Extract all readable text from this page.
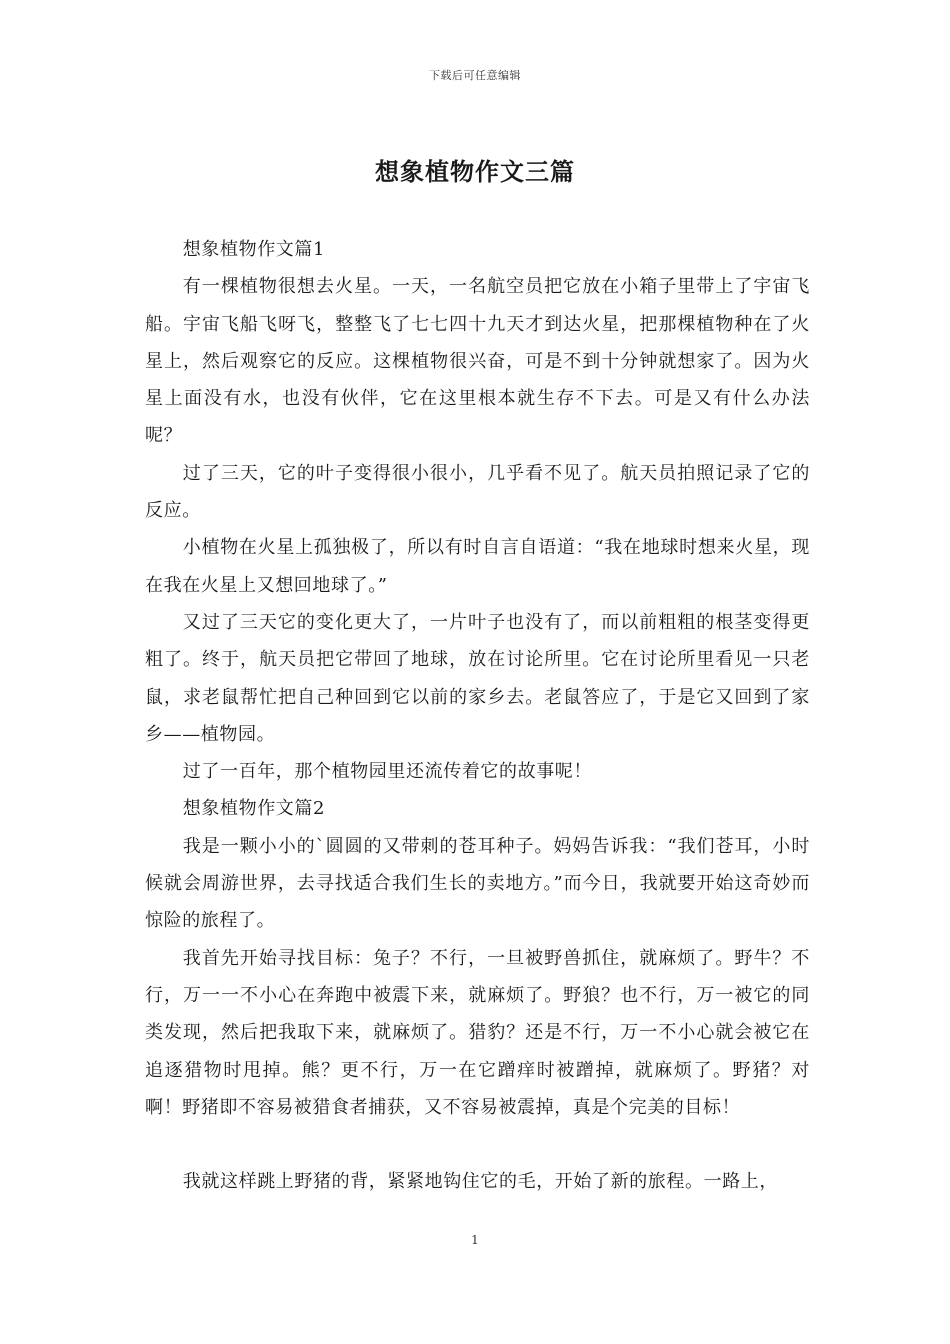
下载后可任意编辑
想象植物作文三篇

想象植物作文篇1

有一棵植物很想去火星。一天，一名航空员把它放在小箱子里带上了宇宙飞船。宇宙飞船飞呀飞，整整飞了七七四十九天才到达火星，把那棵植物种在了火星上，然后观察它的反应。这棵植物很兴奋，可是不到十分钟就想家了。因为火星上面没有水，也没有伙伴，它在这里根本就生存不下去。可是又有什么办法呢？

过了三天，它的叶子变得很小很小，几乎看不见了。航天员拍照记录了它的反应。

小植物在火星上孤独极了，所以有时自言自语道：“我在地球时想来火星，现在我在火星上又想回地球了。”

又过了三天它的变化更大了，一片叶子也没有了，而以前粗粗的根茎变得更粗了。终于，航天员把它带回了地球，放在讨论所里。它在讨论所里看见一只老鼠，求老鼠帮忙把自己种回到它以前的家乡去。老鼠答应了，于是它又回到了家乡——植物园。

过了一百年，那个植物园里还流传着它的故事呢！

想象植物作文篇2

我是一颗小小的`圆圆的又带刺的苍耳种子。妈妈告诉我：“我们苍耳，小时候就会周游世界，去寻找适合我们生长的卖地方。”而今日，我就要开始这奇妙而惊险的旅程了。

我首先开始寻找目标：兔子？不行，一旦被野兽抓住，就麻烦了。野牛？不行，万一一不小心在奔跑中被震下来，就麻烦了。野狼？也不行，万一被它的同类发现，然后把我取下来，就麻烦了。猎豹？还是不行，万一不小心就会被它在追逐猎物时甩掉。熊？更不行，万一在它蹭痒时被蹭掉，就麻烦了。野猪？对啊！野猪即不容易被猎食者捕获，又不容易被震掉，真是个完美的目标！

我就这样跳上野猪的背，紧紧地钩住它的毛，开始了新的旅程。一路上，

1
